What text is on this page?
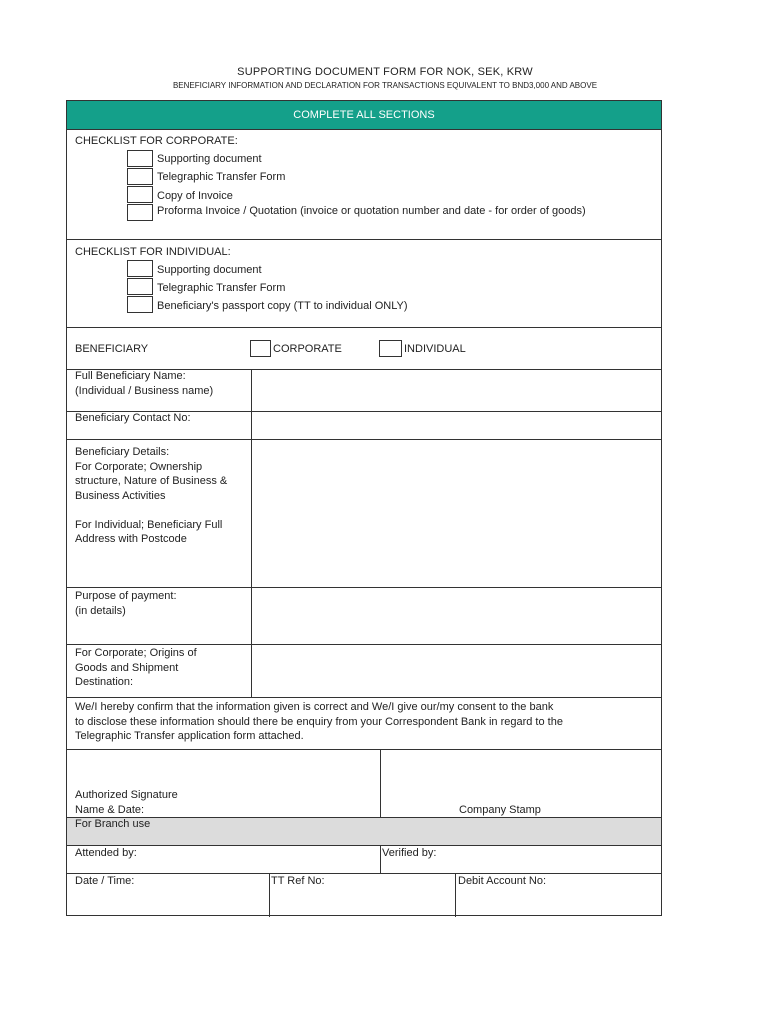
SUPPORTING DOCUMENT FORM FOR NOK, SEK, KRW
BENEFICIARY INFORMATION AND DECLARATION FOR TRANSACTIONS EQUIVALENT TO BND3,000 AND ABOVE
COMPLETE ALL SECTIONS
CHECKLIST FOR CORPORATE:
Supporting document
Telegraphic Transfer Form
Copy of Invoice
Proforma Invoice / Quotation (invoice or quotation number and date - for order of goods)
CHECKLIST FOR INDIVIDUAL:
Supporting document
Telegraphic Transfer Form
Beneficiary's passport copy (TT to individual ONLY)
BENEFICIARY	CORPORATE	INDIVIDUAL
Full Beneficiary Name:
(Individual / Business name)
Beneficiary Contact No:
Beneficiary Details:
For Corporate; Ownership
structure, Nature of Business &
Business Activities

For Individual; Beneficiary Full
Address with Postcode
Purpose of payment:
(in details)
For Corporate; Origins of
Goods and Shipment
Destination:
We/I hereby confirm that the information given is correct and We/I give our/my consent to the bank
to disclose these information should there be enquiry from your Correspondent Bank in regard to the
Telegraphic Transfer application form attached.
Authorized Signature
Name & Date:	Company Stamp
For Branch use
Attended by:	Verified by:
Date / Time:	TT Ref No:	Debit Account No:
